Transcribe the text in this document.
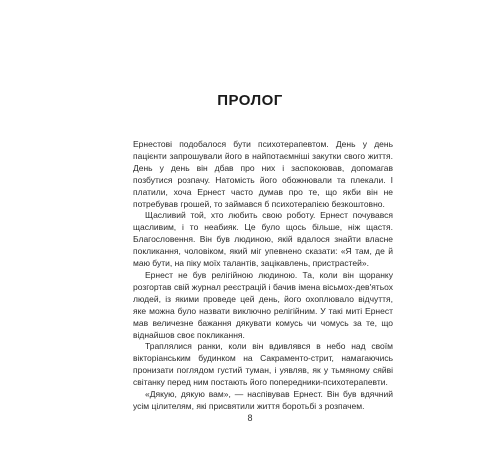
ПРОЛОГ

Ернестові подобалося бути психотерапевтом. День у день пацієнти запрошували його в найпотаємніші закутки свого життя. День у день він дбав про них і заспокоював, допомагав позбутися розпачу. Натомість його обожнювали та плекали. І платили, хоча Ернест часто думав про те, що якби він не потребував грошей, то займався б психотерапією безкоштовно.

Щасливий той, хто любить свою роботу. Ернест почувався щасливим, і то неабияк. Це було щось більше, ніж щастя. Благословення. Він був людиною, якій вдалося знайти власне покликання, чоловіком, який міг упевнено сказати: «Я там, де й маю бути, на піку моїх талантів, зацікавлень, пристрастей».

Ернест не був релігійною людиною. Та, коли він щоранку розгортав свій журнал реєстрацій і бачив імена вісьмох-дев'ятьох людей, із якими проведе цей день, його охоплювало відчуття, яке можна було назвати виключно релігійним. У такі миті Ернест мав величезне бажання дякувати комусь чи чомусь за те, що віднайшов своє покликання.

Траплялися ранки, коли він вдивлявся в небо над своїм вікторіанським будинком на Сакраменто-стрит, намагаючись пронизати поглядом густий туман, і уявляв, як у тьмяному сяйві світанку перед ним постають його попередники-психотерапевти.

«Дякую, дякую вам», — наспівував Ернест. Він був вдячний усім цілителям, які присвятили життя боротьбі з розпачем.

8
